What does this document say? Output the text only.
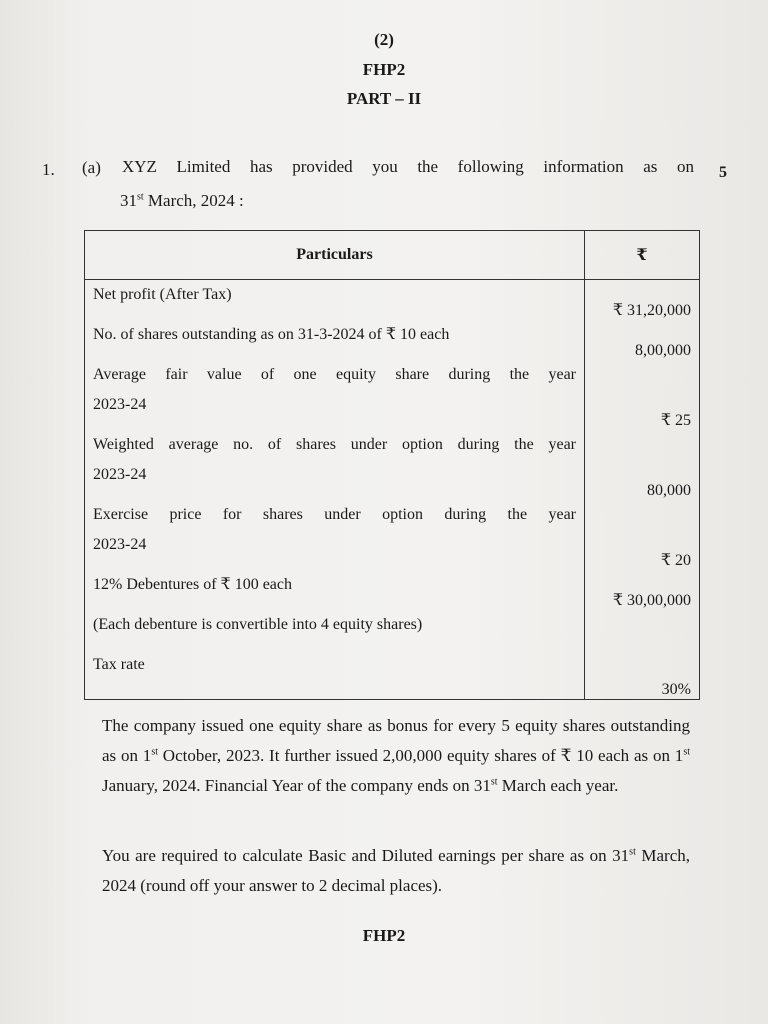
(2)
FHP2
PART – II
1. (a) XYZ Limited has provided you the following information as on
31st March, 2024 :
5
Particulars	₹
Net profit (After Tax)	₹ 31,20,000
No. of shares outstanding as on 31-3-2024 of ₹ 10 each	8,00,000

Average fair value of one equity share during the year
2023-24	₹ 25

Weighted average no. of shares under option during the year
2023-24	80,000

Exercise price for shares under option during the year
2023-24	₹ 20
12% Debentures of ₹ 100 each	₹ 30,00,000
(Each debenture is convertible into 4 equity shares)	
Tax rate	30%
The company issued one equity share as bonus for every 5 equity shares outstanding as on 1st October, 2023. It further issued 2,00,000 equity shares of ₹ 10 each as on 1st January, 2024. Financial Year of the company ends on 31st March each year.
You are required to calculate Basic and Diluted earnings per share as on 31st March, 2024 (round off your answer to 2 decimal places).
FHP2
